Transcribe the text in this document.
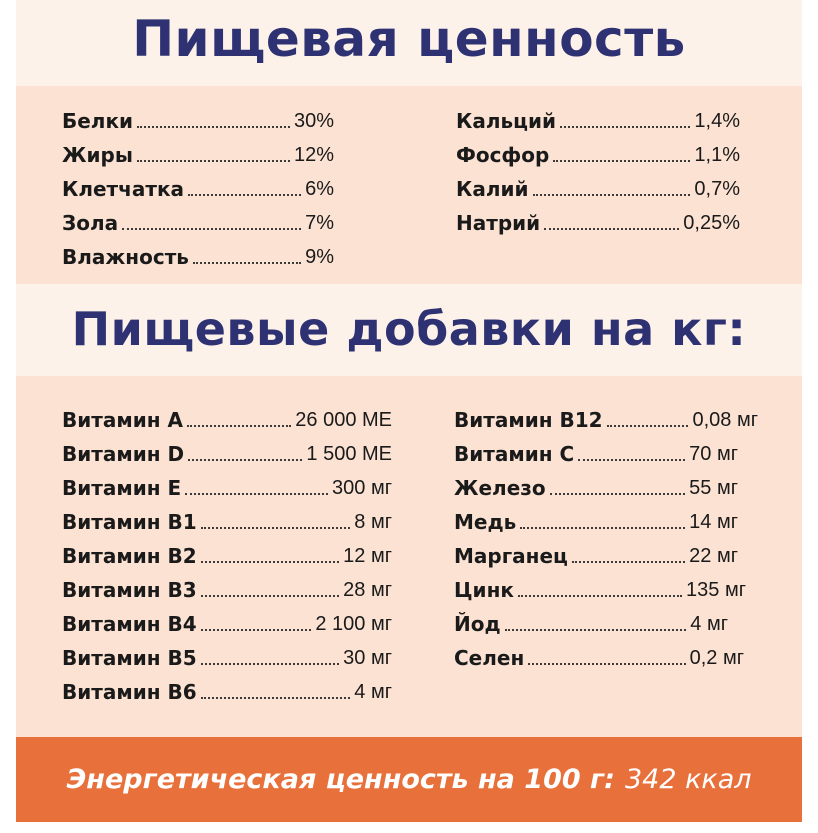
Пищевая ценность
Пищевые добавки на кг:
Белки	30%
Жиры	12%
Клетчатка	6%
Зола	7%
Влажность	9%
Кальций	1,4%
Фосфор	1,1%
Калий	0,7%
Натрий	0,25%
Витамин A	26 000 МЕ
Витамин D	1 500 МЕ
Витамин E	300 мг
Витамин B1	8 мг
Витамин B2	12 мг
Витамин B3	28 мг
Витамин B4	2 100 мг
Витамин B5	30 мг
Витамин B6	4 мг
Витамин B12	0,08 мг
Витамин C	70 мг
Железо	55 мг
Медь	14 мг
Марганец	22 мг
Цинк	135 мг
Йод	4 мг
Селен	0,2 мг
Энергетическая ценность на 100 г: 342 ккал
